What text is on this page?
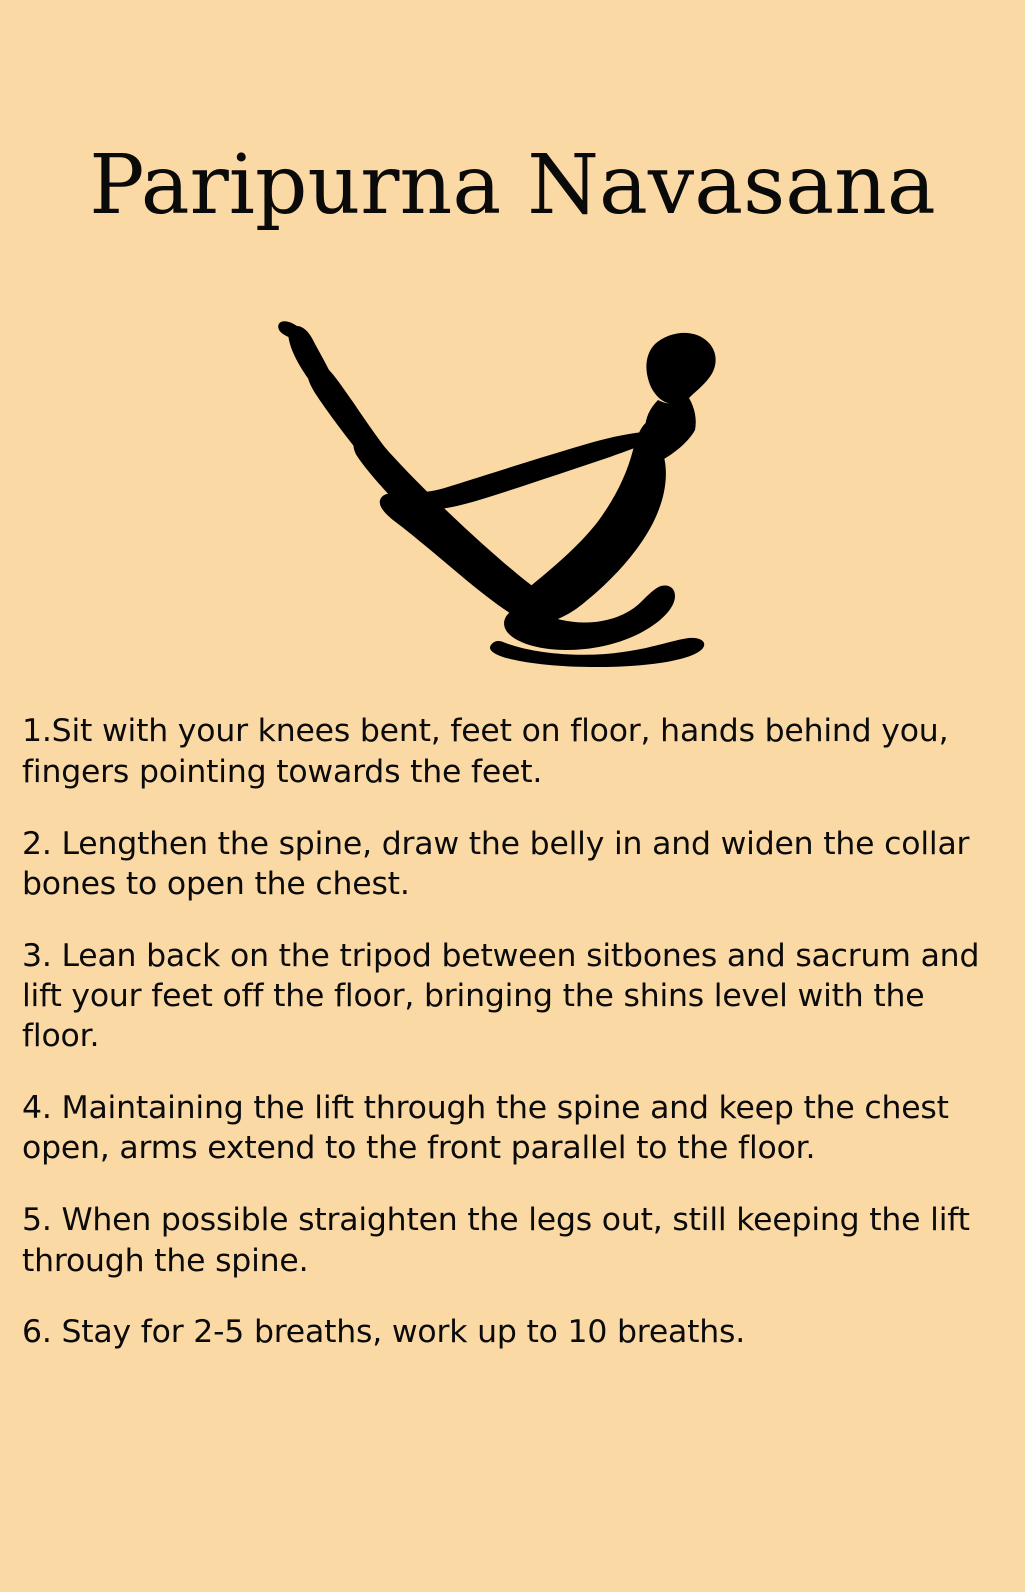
Paripurna Navasana

1.Sit with your knees bent, feet on floor, hands behind you, fingers pointing towards the feet.

2. Lengthen the spine, draw the belly in and widen the collar bones to open the chest.

3. Lean back on the tripod between sitbones and sacrum and lift your feet off the floor, bringing the shins level with the floor.

4. Maintaining the lift through the spine and keep the chest open, arms extend to the front parallel to the floor.

5. When possible straighten the legs out, still keeping the lift through the spine.

6. Stay for 2-5 breaths, work up to 10 breaths.
